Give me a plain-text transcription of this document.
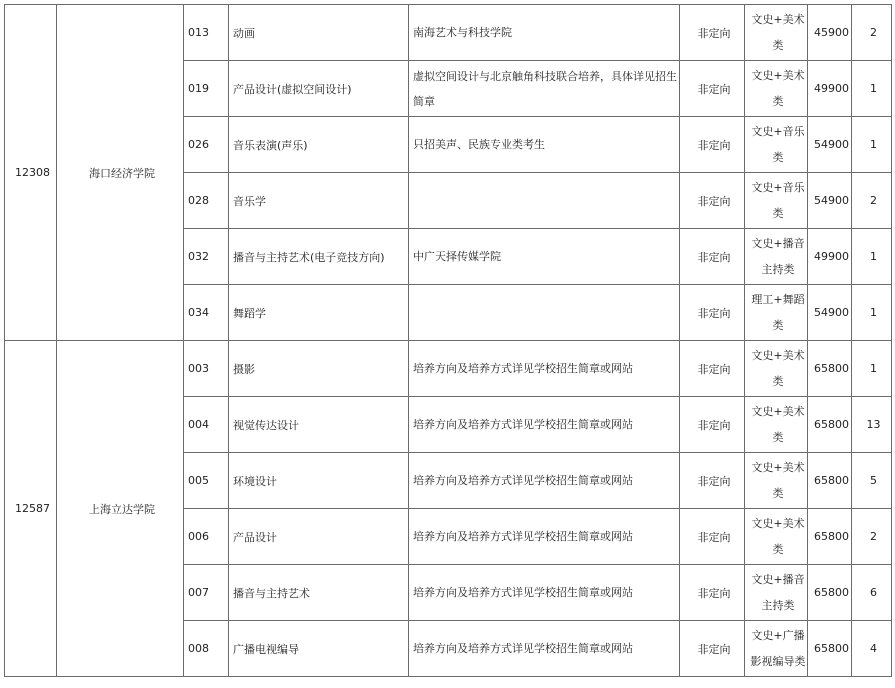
12308	海口经济学院	013	动画	南海艺术与科技学院	非定向	文史+美术类	45900	2
		019	产品设计(虚拟空间设计)	虚拟空间设计与北京触角科技联合培养，具体详见招生简章	非定向	文史+美术类	49900	1
		026	音乐表演(声乐)	只招美声、民族专业类考生	非定向	文史+音乐类	54900	1
		028	音乐学		非定向	文史+音乐类	54900	2
		032	播音与主持艺术(电子竞技方向)	中广天择传媒学院	非定向	文史+播音主持类	49900	1
		034	舞蹈学		非定向	理工+舞蹈类	54900	1
12587	上海立达学院	003	摄影	培养方向及培养方式详见学校招生简章或网站	非定向	文史+美术类	65800	1
		004	视觉传达设计	培养方向及培养方式详见学校招生简章或网站	非定向	文史+美术类	65800	13
		005	环境设计	培养方向及培养方式详见学校招生简章或网站	非定向	文史+美术类	65800	5
		006	产品设计	培养方向及培养方式详见学校招生简章或网站	非定向	文史+美术类	65800	2
		007	播音与主持艺术	培养方向及培养方式详见学校招生简章或网站	非定向	文史+播音主持类	65800	6
		008	广播电视编导	培养方向及培养方式详见学校招生简章或网站	非定向	文史+广播影视编导类	65800	4
